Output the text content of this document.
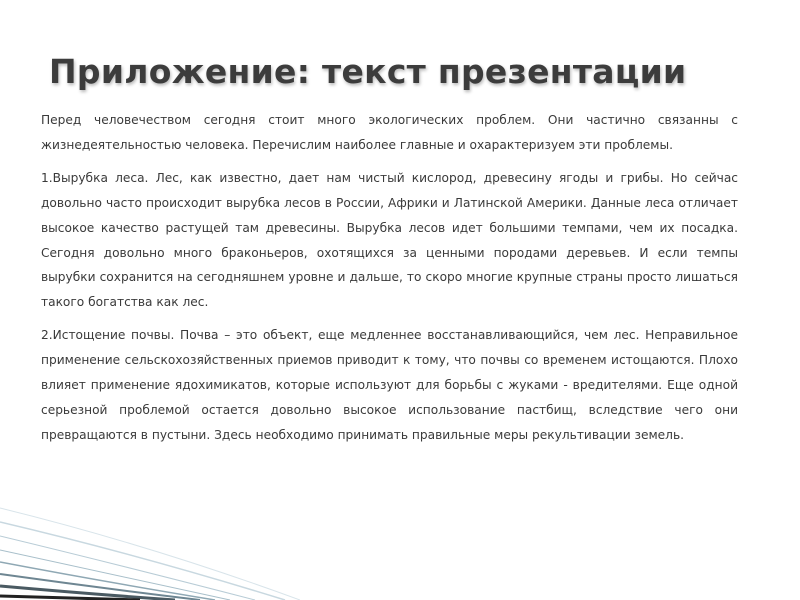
Приложение: текст презентации

Перед человечеством сегодня стоит много экологических проблем. Они частично связанны с жизнедеятельностью человека. Перечислим наиболее главные и охарактеризуем эти проблемы.

1.Вырубка леса. Лес, как известно, дает нам чистый кислород, древесину ягоды и грибы. Но сейчас довольно часто происходит вырубка лесов в России, Африки и Латинской Америки. Данные леса отличает высокое качество растущей там древесины. Вырубка лесов идет большими темпами, чем их посадка. Сегодня довольно много браконьеров, охотящихся за ценными породами деревьев. И если темпы вырубки сохранится на сегодняшнем уровне и дальше, то скоро многие крупные страны просто лишаться такого богатства как лес.

2.Истощение почвы. Почва – это объект, еще медленнее восстанавливающийся, чем лес. Неправильное применение сельскохозяйственных приемов приводит к тому, что почвы со временем истощаются. Плохо влияет применение ядохимикатов, которые используют для борьбы с жуками - вредителями. Еще одной серьезной проблемой остается довольно высокое использование пастбищ, вследствие чего они превращаются в пустыни. Здесь необходимо принимать правильные меры рекультивации земель.
